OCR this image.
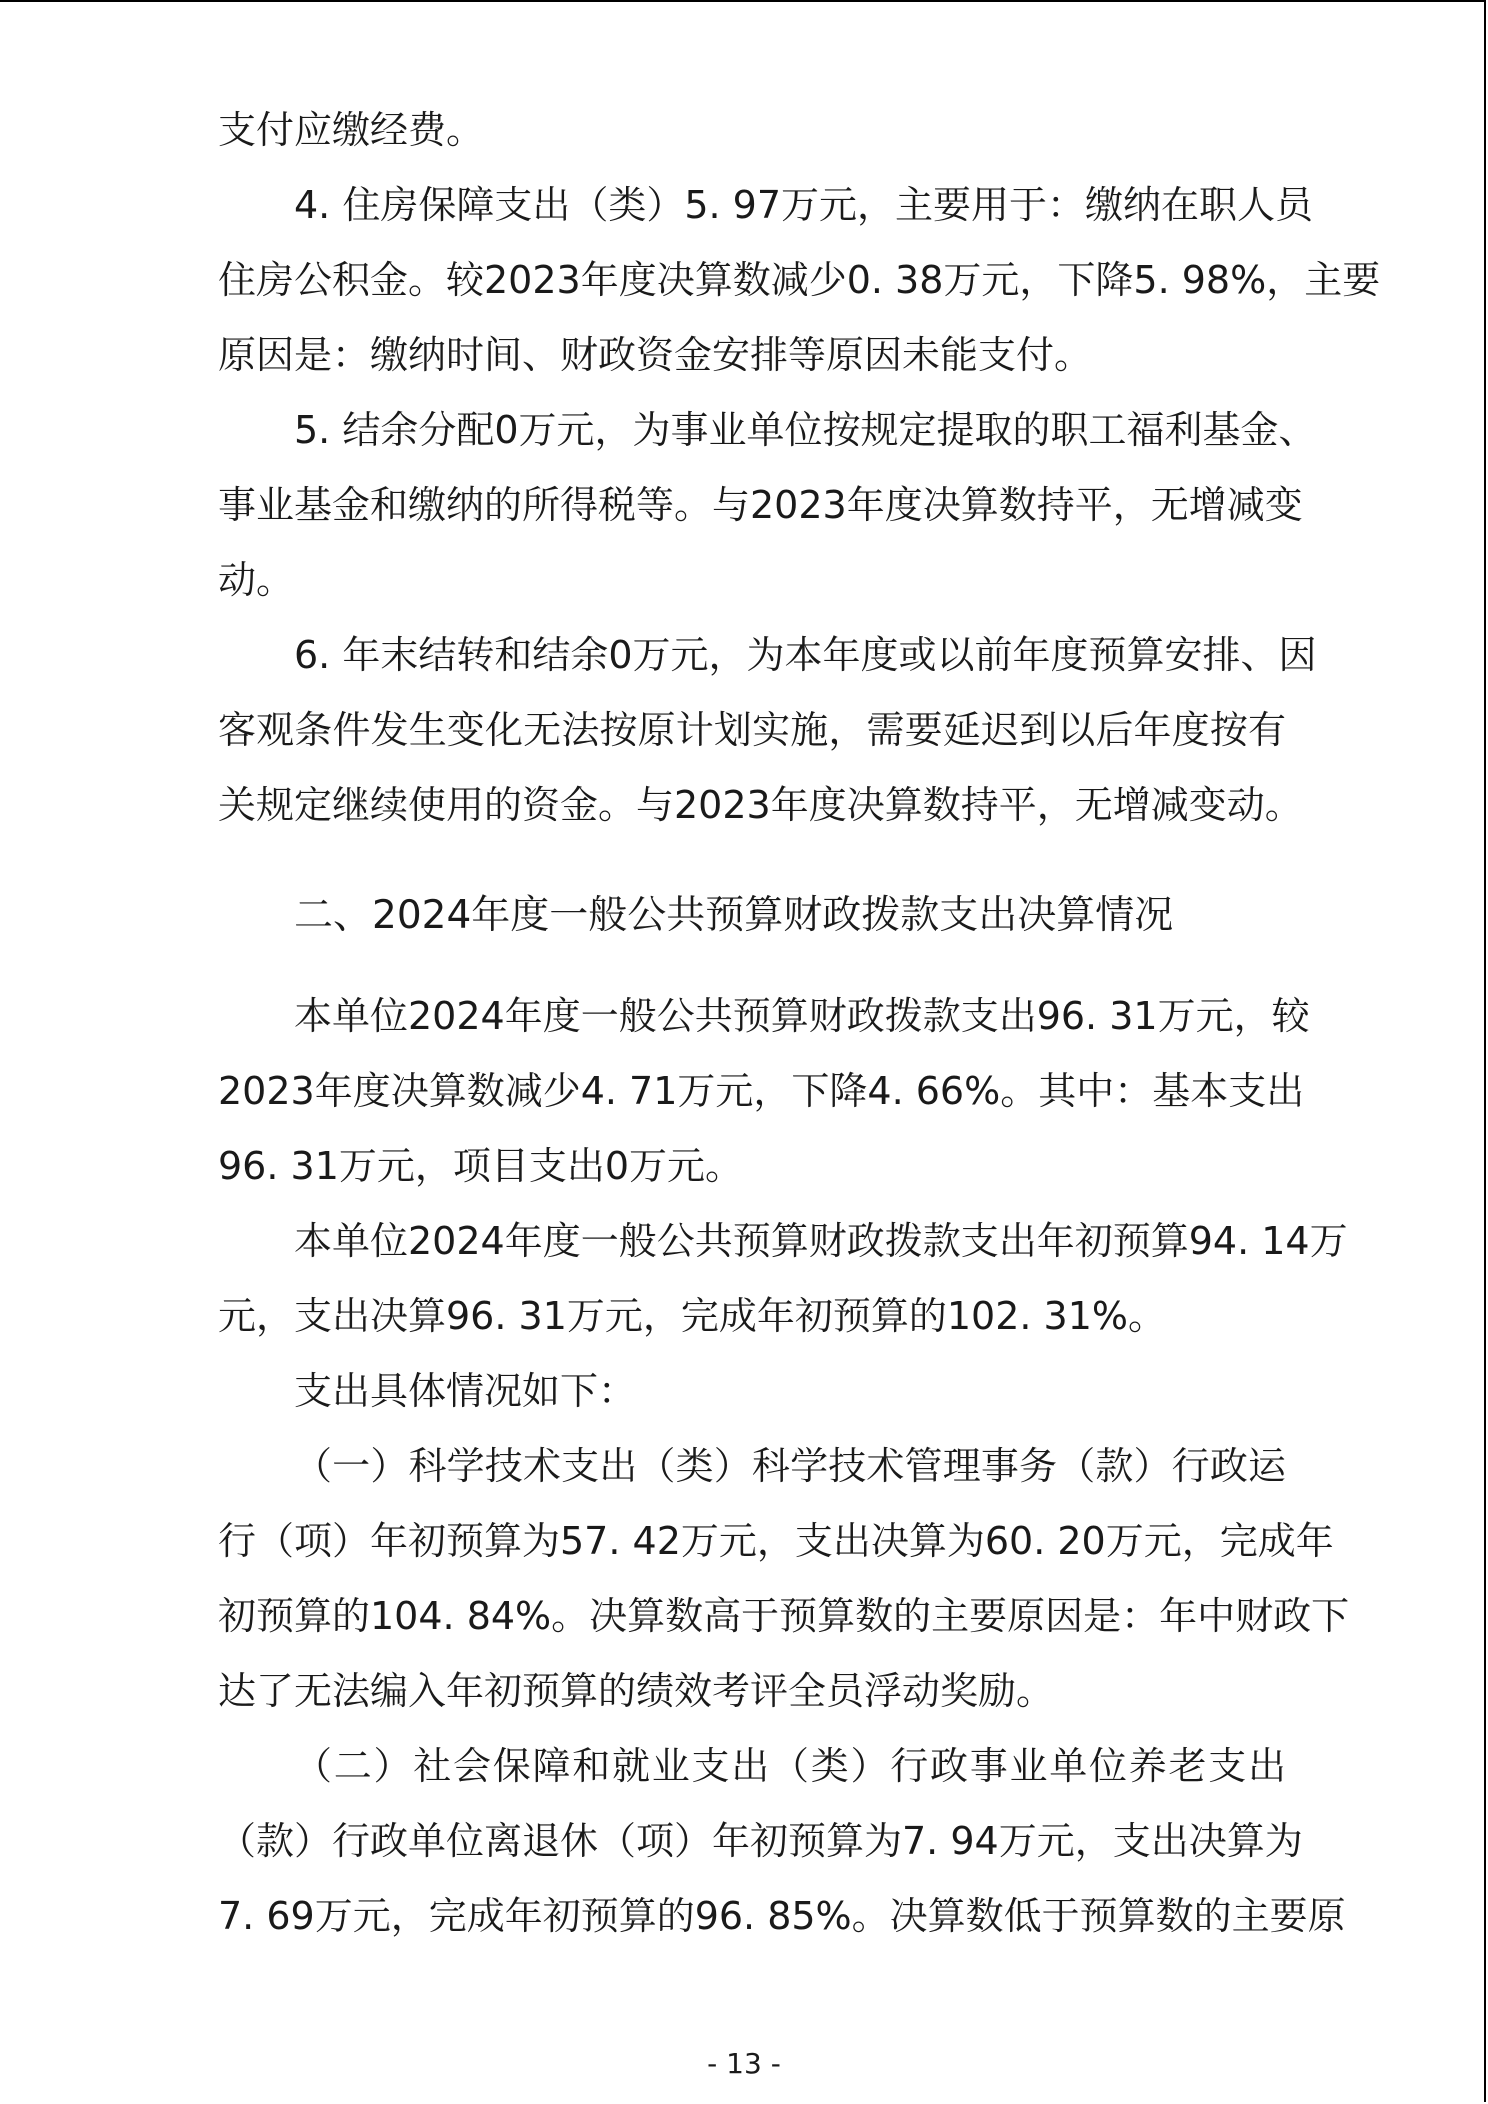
支付应缴经费。
4. 住房保障支出（类）5. 97万元，主要用于：缴纳在职人员
住房公积金。较2023年度决算数减少0. 38万元，下降5. 98%，主要
原因是：缴纳时间、财政资金安排等原因未能支付。
5. 结余分配0万元，为事业单位按规定提取的职工福利基金、
事业基金和缴纳的所得税等。与2023年度决算数持平，无增减变
动。
6. 年末结转和结余0万元，为本年度或以前年度预算安排、因
客观条件发生变化无法按原计划实施，需要延迟到以后年度按有
关规定继续使用的资金。与2023年度决算数持平，无增减变动。
二、2024年度一般公共预算财政拨款支出决算情况
本单位2024年度一般公共预算财政拨款支出96. 31万元，较
2023年度决算数减少4. 71万元，下降4. 66%。其中：基本支出
96. 31万元，项目支出0万元。
本单位2024年度一般公共预算财政拨款支出年初预算94. 14万
元，支出决算96. 31万元，完成年初预算的102. 31%。
支出具体情况如下：
（一）科学技术支出（类）科学技术管理事务（款）行政运
行（项）年初预算为57. 42万元，支出决算为60. 20万元，完成年
初预算的104. 84%。决算数高于预算数的主要原因是：年中财政下
达了无法编入年初预算的绩效考评全员浮动奖励。
（二）社会保障和就业支出（类）行政事业单位养老支出
（款）行政单位离退休（项）年初预算为7. 94万元，支出决算为
7. 69万元，完成年初预算的96. 85%。决算数低于预算数的主要原
- 13 -
